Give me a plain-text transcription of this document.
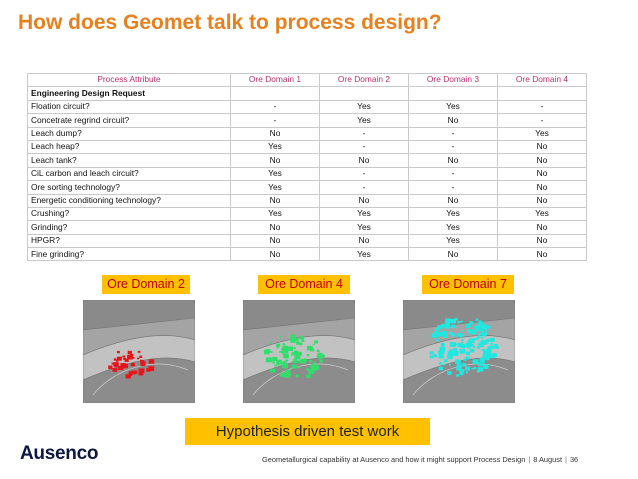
How does Geomet talk to process design?
Process Attribute	Ore Domain 1	Ore Domain 2	Ore Domain 3	Ore Domain 4
Engineering Design Request				
Floation circuit?	-	Yes	Yes	-
Concetrate regrind circuit?	-	Yes	No	-
Leach dump?	No	-	-	Yes
Leach heap?	Yes	-	-	No
Leach tank?	No	No	No	No
CiL carbon and leach circuit?	Yes	-	-	No
Ore sorting technology?	Yes	-	-	No
Energetic conditioning technology?	No	No	No	No
Crushing?	Yes	Yes	Yes	Yes
Grinding?	No	Yes	Yes	No
HPGR?	No	No	Yes	No
Fine grinding?	No	Yes	No	No
Ore Domain 2	Ore Domain 4	Ore Domain 7
Hypothesis driven test work
Ausenco	Geometallurgical capability at Ausenco and how it might support Process Design | 8 August | 36
